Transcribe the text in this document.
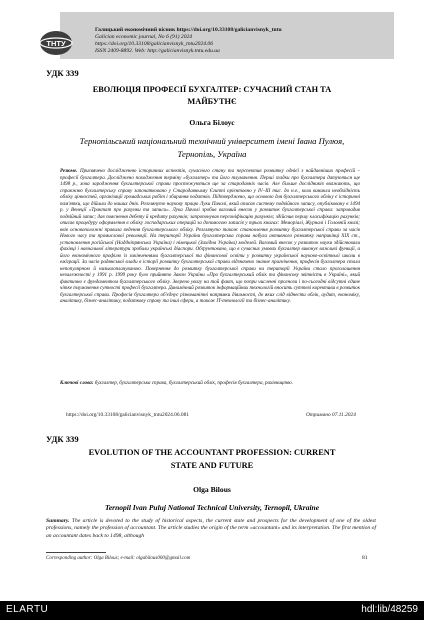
ТНТУ
Галицький економічний вісник https://doi.org/10.33108/galicianvisnyk_tntu
Galician economic journal, No 6 (91) 2024
https://doi.org/10.33108/galicianvisnyk_tntu2024.06
ISSN 2409-8892. Web: http://galicianvisnyk.tntu.edu.ua
УДК 339
ЕВОЛЮЦІЯ ПРОФЕСІЇ БУХГАЛТЕР: СУЧАСНИЙ СТАН ТА
МАЙБУТНЄ
Ольга Білоус
Тернопільський національний технічний університет імені Івана Пулюя,
Тернопіль, Україна

Резюме. Присвячено дослідженню історичних аспектів, сучасного стану та перспектив розвитку однієї з найдавніших професій – професії бухгалтера. Досліджено походження терміну «бухгалтер» та його тлумачення. Перші згадки про бухгалтера датуються ще 1498 р., хоча зародження бухгалтерської справи простежуються ще за стародавніх часів. Але більше дослідників вважають, що справжню бухгалтерську справу започатковано у Стародавньому Єгипті орієнтовно у IV–III тис. до н.е., коли виникла необхідність обліку цінностей, організації громадських робіт і збирання податків. Підтверджено, що основою для бухгалтерського обліку є історичні пам'ятки, що дійшли до наших днів. Розглянуто наукову працю Луки Пачолі, який описав систему подвійного запису, опубліковану в 1494 р. у Венеції «Трактат про рахунки та записи». Лука Пачолі зробив вагомий внесок у розвиток бухгалтерської справи: запровадив подвійний запис; дав пояснення дебету й кредиту рахунків; запропонував персоніфікацію рахунків; здійснив першу класифікацію рахунків; описав процедуру оформлення в обліку господарських операцій за допомогою записів у трьох книгах: Меморіалі, Журналі і Головній книзі; ввів основоположні правила ведення бухгалтерського обліку. Розглянуто також становлення розвитку бухгалтерської справи за часів Нового часу та промислової революції. На території України бухгалтерська справа набула активного розвитку наприкінці XIX ст., установлення російської (Наддніпрянська Україна) і німецької (Західна Україна) моделей. Вагомий внесок у розвиток науки здійснювали фахівці і навчальної літератури зробили українські діаспори. Обґрунтовано, що в сучасних умовах бухгалтер виконує важливі функції, а його економічного профілю із закінченнями бухгалтерської та фінансової освіти у розвитку української науково-освітньої школи в еміграції. За часів радянської влади в історії розвитку бухгалтерської справи відзначено значне пригнічення, професія бухгалтера стала непопулярною й низькооплачуваною. Повернення до розвитку бухгалтерської справи на території України стало проголошення незалежності у 1991 р. 1999 року було прийнято Закон України «Про бухгалтерський облік та фінансову звітність в Україні», який фактично є фундаментом бухгалтерського обліку. Зверено увагу на той факт, що попри численні прогнози і по-сьогодні відсутні єдине чітке тлумачення сутності професії бухгалтера. Динамічний розвиток інформаційних технологій вносить суттєві корективи в розвиток бухгалтерської справи. Професія бухгалтера об'єднує різноманітні напрямки діяльності, до яких слід віднести облік, аудит, економіку, аналітику, бізнес-аналітику, податкову справу та інші сфери, а також IT-технології та бізнес-аналітику.

Ключові слова: бухгалтер, бухгалтерська справа, бухгалтерський облік, професія бухгалтера, рахівництво.

https://doi.org/10.33108/galicianvisnyk_tntu2024.06.081	Отримано 07.11.2024
УДК 339
EVOLUTION OF THE ACCOUNTANT PROFESSION: CURRENT
STATE AND FUTURE
Olga Bilous
Ternopil Ivan Puluj National Technical University, Ternopil, Ukraine

Summary. The article is devoted to the study of historical aspects, the current state and prospects for the development of one of the oldest professions, namely the profession of accountant. The article studies the origin of the term «accountant» and its interpretation. The first mention of an accountant dates back to 1498, although

Corresponding author: Olga Bilous; e-mail: olgabilous000@gmail.com	81
ELARTU	hdl:lib/48259
